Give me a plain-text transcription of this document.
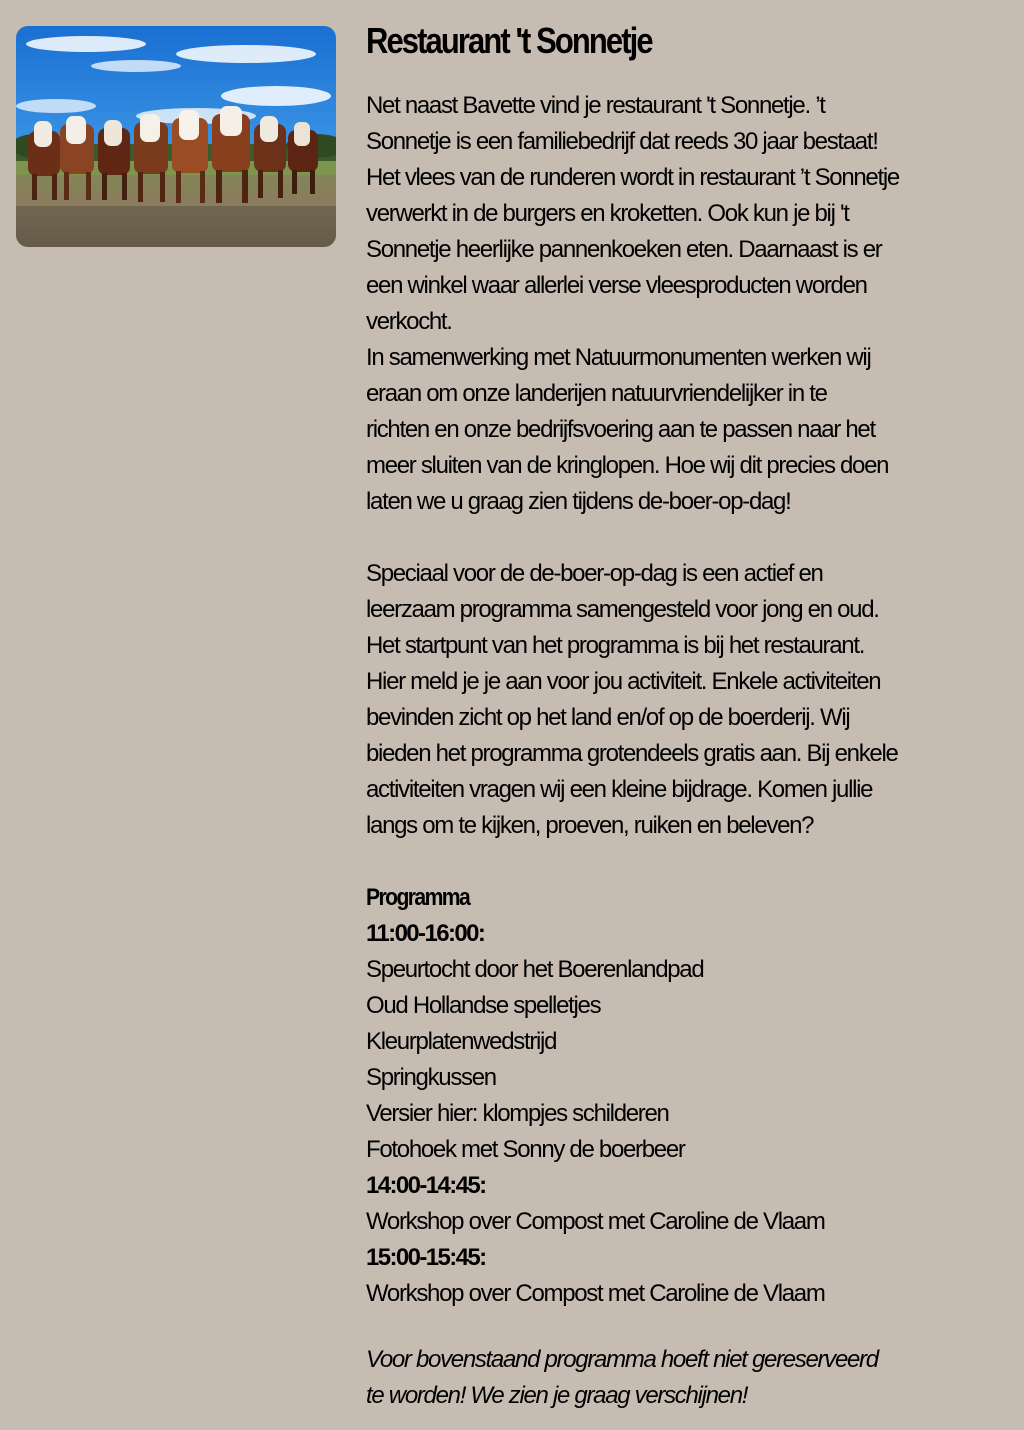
Restaurant 't Sonnetje
Net naast Bavette vind je restaurant 't Sonnetje. ’t
Sonnetje is een familiebedrijf dat reeds 30 jaar bestaat!
Het vlees van de runderen wordt in restaurant ’t Sonnetje
verwerkt in de burgers en kroketten. Ook kun je bij 't
Sonnetje heerlijke pannenkoeken eten. Daarnaast is er
een winkel waar allerlei verse vleesproducten worden
verkocht.
In samenwerking met Natuurmonumenten werken wij
eraan om onze landerijen natuurvriendelijker in te
richten en onze bedrijfsvoering aan te passen naar het
meer sluiten van de kringlopen. Hoe wij dit precies doen
laten we u graag zien tijdens de-boer-op-dag!
Speciaal voor de de-boer-op-dag is een actief en
leerzaam programma samengesteld voor jong en oud.
Het startpunt van het programma is bij het restaurant.
Hier meld je je aan voor jou activiteit. Enkele activiteiten
bevinden zicht op het land en/of op de boerderij. Wij
bieden het programma grotendeels gratis aan. Bij enkele
activiteiten vragen wij een kleine bijdrage. Komen jullie
langs om te kijken, proeven, ruiken en beleven?
Programma
11:00-16:00:
Speurtocht door het Boerenlandpad
Oud Hollandse spelletjes
Kleurplatenwedstrijd
Springkussen
Versier hier: klompjes schilderen
Fotohoek met Sonny de boerbeer
14:00-14:45:
Workshop over Compost met Caroline de Vlaam
15:00-15:45:
Workshop over Compost met Caroline de Vlaam
Voor bovenstaand programma hoeft niet gereserveerd
te worden! We zien je graag verschijnen!
